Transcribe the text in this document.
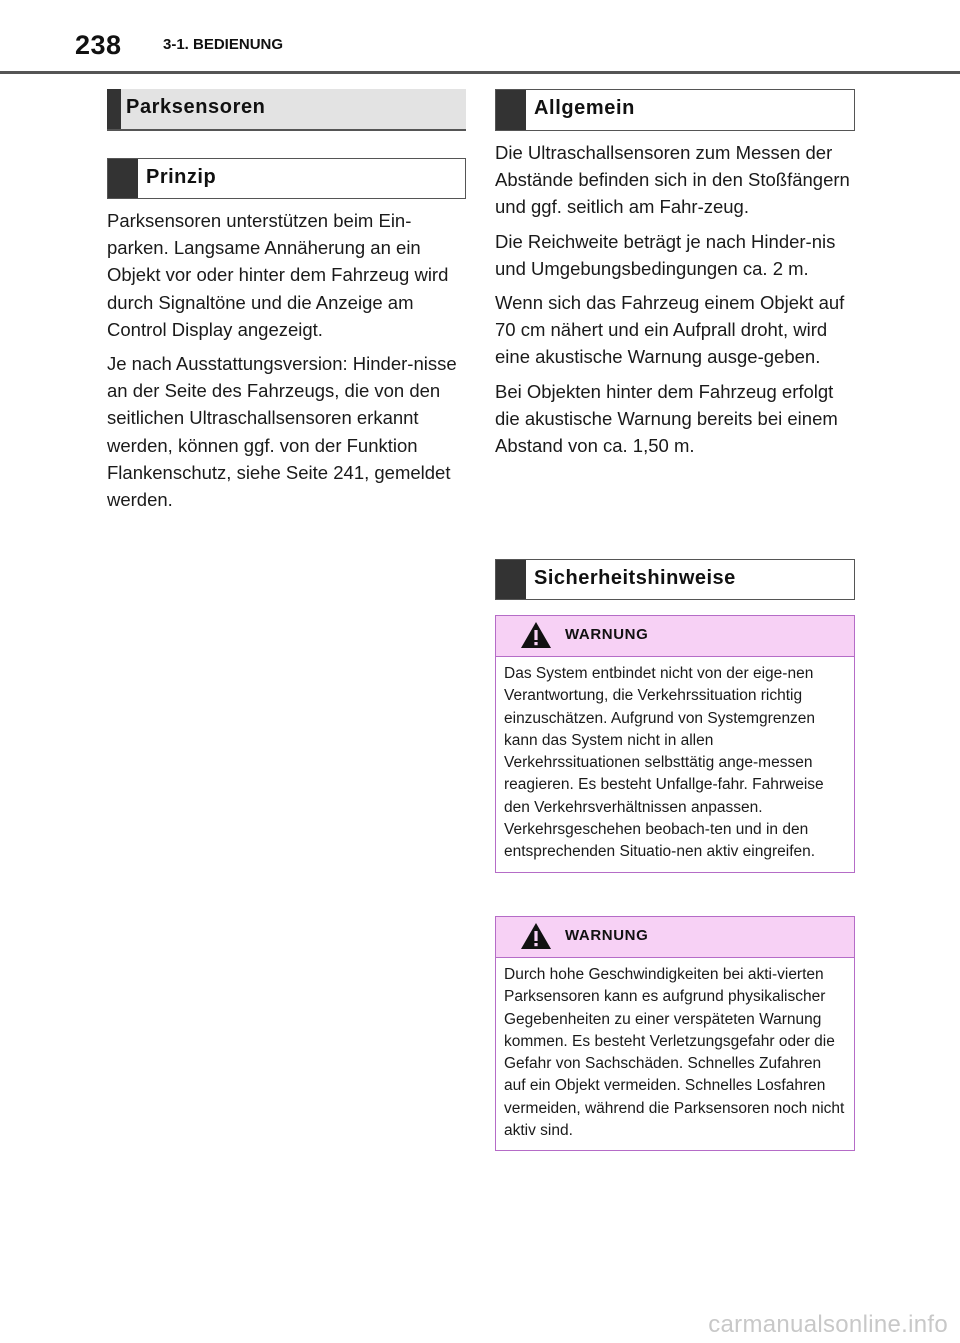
238	3-1. BEDIENUNG
Parksensoren
Prinzip

Parksensoren unterstützen beim Ein-parken. Langsame Annäherung an ein Objekt vor oder hinter dem Fahrzeug wird durch Signaltöne und die Anzeige am Control Display angezeigt.

Je nach Ausstattungsversion: Hinder-nisse an der Seite des Fahrzeugs, die von den seitlichen Ultraschallsensoren erkannt werden, können ggf. von der Funktion Flankenschutz, siehe Seite 241, gemeldet werden.

Allgemein

Die Ultraschallsensoren zum Messen der Abstände befinden sich in den Stoßfängern und ggf. seitlich am Fahr-zeug.

Die Reichweite beträgt je nach Hinder-nis und Umgebungsbedingungen ca. 2 m.

Wenn sich das Fahrzeug einem Objekt auf 70 cm nähert und ein Aufprall droht, wird eine akustische Warnung ausge-geben.

Bei Objekten hinter dem Fahrzeug erfolgt die akustische Warnung bereits bei einem Abstand von ca. 1,50 m.

Sicherheitshinweise
WARNUNG
Das System entbindet nicht von der eige-nen Verantwortung, die Verkehrssituation richtig einzuschätzen. Aufgrund von Systemgrenzen kann das System nicht in allen Verkehrssituationen selbsttätig ange-messen reagieren. Es besteht Unfallge-fahr. Fahrweise den Verkehrsverhältnissen anpassen. Verkehrsgeschehen beobach-ten und in den entsprechenden Situatio-nen aktiv eingreifen.
WARNUNG
Durch hohe Geschwindigkeiten bei akti-vierten Parksensoren kann es aufgrund physikalischer Gegebenheiten zu einer verspäteten Warnung kommen. Es besteht Verletzungsgefahr oder die Gefahr von Sachschäden. Schnelles Zufahren auf ein Objekt vermeiden. Schnelles Losfahren vermeiden, während die Parksensoren noch nicht aktiv sind.
carmanualsonline.info
